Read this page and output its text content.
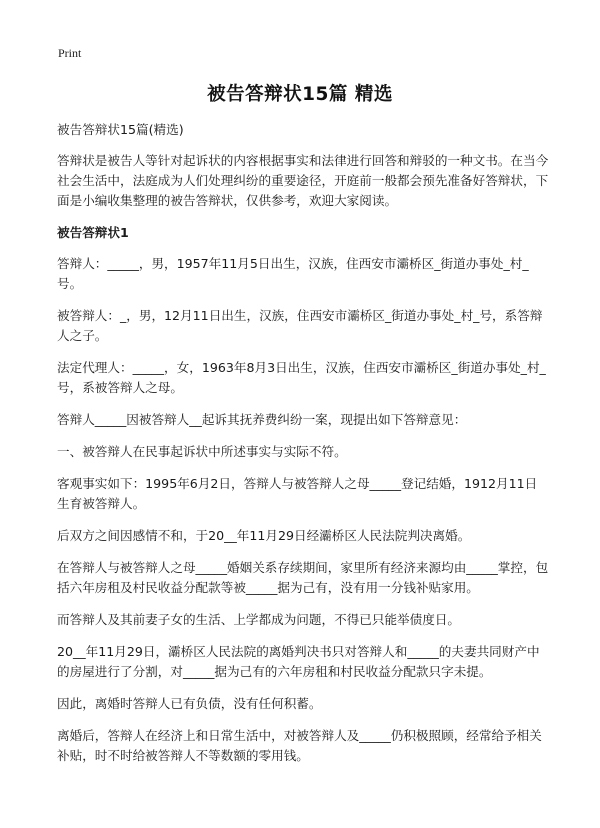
Print
被告答辩状15篇 精选

被告答辩状15篇(精选)

答辩状是被告人等针对起诉状的内容根据事实和法律进行回答和辩驳的一种文书。在当今社会生活中，法庭成为人们处理纠纷的重要途径，开庭前一般都会预先准备好答辩状，下面是小编收集整理的被告答辩状，仅供参考，欢迎大家阅读。

被告答辩状1

答辩人：_____，男，1957年11月5日出生，汉族，住西安市灞桥区_街道办事处_村_号。

被答辩人：_，男，12月11日出生，汉族，住西安市灞桥区_街道办事处_村_号，系答辩人之子。

法定代理人：_____，女，1963年8月3日出生，汉族，住西安市灞桥区_街道办事处_村_号，系被答辩人之母。

答辩人_____因被答辩人__起诉其抚养费纠纷一案，现提出如下答辩意见：

一、被答辩人在民事起诉状中所述事实与实际不符。

客观事实如下：1995年6月2日，答辩人与被答辩人之母_____登记结婚，1912月11日生育被答辩人。

后双方之间因感情不和，于20__年11月29日经灞桥区人民法院判决离婚。

在答辩人与被答辩人之母_____婚姻关系存续期间，家里所有经济来源均由_____掌控，包括六年房租及村民收益分配款等被_____据为己有，没有用一分钱补贴家用。

而答辩人及其前妻子女的生活、上学都成为问题，不得已只能举债度日。

20__年11月29日，灞桥区人民法院的离婚判决书只对答辩人和_____的夫妻共同财产中的房屋进行了分割，对_____据为己有的六年房租和村民收益分配款只字未提。

因此，离婚时答辩人已有负债，没有任何积蓄。

离婚后，答辩人在经济上和日常生活中，对被答辩人及_____仍积极照顾，经常给予相关补贴，时不时给被答辩人不等数额的零用钱。
